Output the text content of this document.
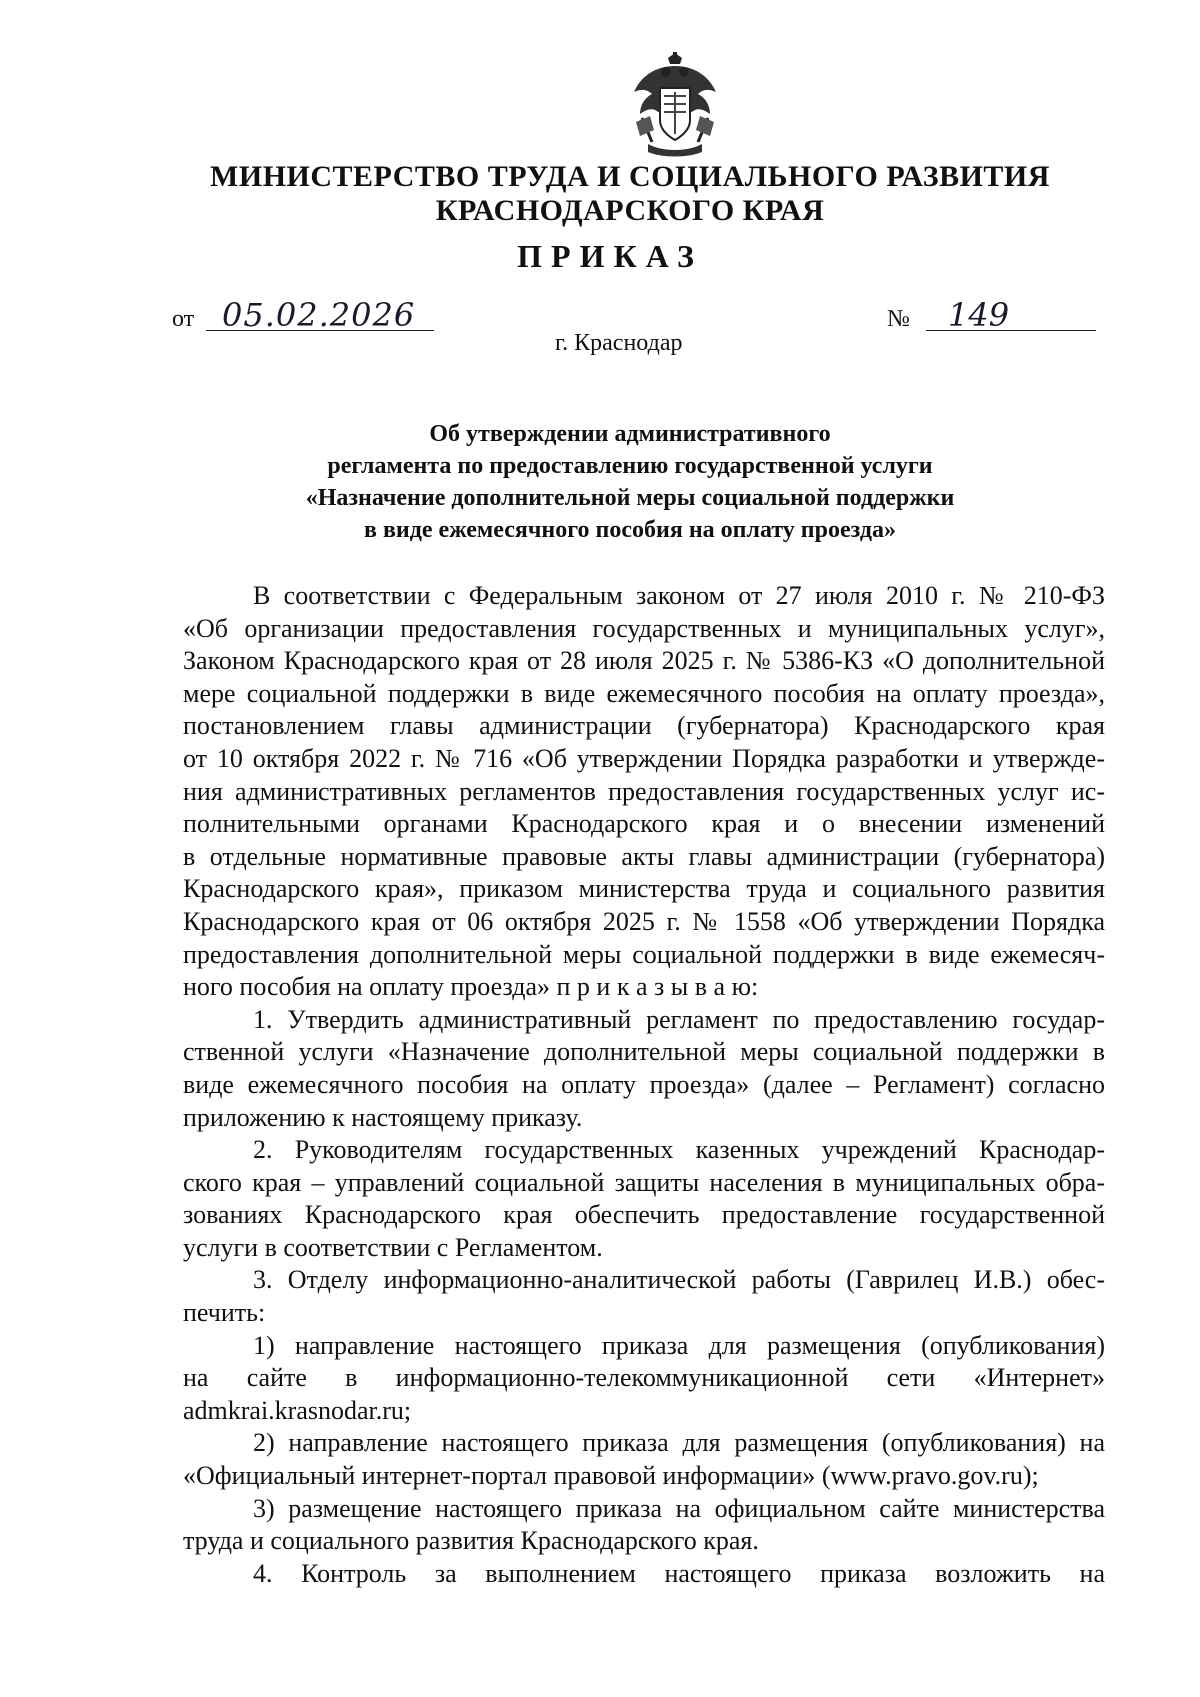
МИНИСТЕРСТВО ТРУДА И СОЦИАЛЬНОГО РАЗВИТИЯ
КРАСНОДАРСКОГО КРАЯ
ПРИКАЗ
от 05.02.2026	№ 149
г. Краснодар
Об утверждении административного
регламента по предоставлению государственной услуги
«Назначение дополнительной меры социальной поддержки
в виде ежемесячного пособия на оплату проезда»
В соответствии с Федеральным законом от 27 июля 2010 г. № 210-ФЗ
«Об организации предоставления государственных и муниципальных услуг»,
Законом Краснодарского края от 28 июля 2025 г. № 5386-КЗ «О дополнительной
мере социальной поддержки в виде ежемесячного пособия на оплату проезда»,
постановлением главы администрации (губернатора) Краснодарского края
от 10 октября 2022 г. № 716 «Об утверждении Порядка разработки и утвержде-
ния административных регламентов предоставления государственных услуг ис-
полнительными органами Краснодарского края и о внесении изменений
в отдельные нормативные правовые акты главы администрации (губернатора)
Краснодарского края», приказом министерства труда и социального развития
Краснодарского края от 06 октября 2025 г. № 1558 «Об утверждении Порядка
предоставления дополнительной меры социальной поддержки в виде ежемесяч-
ного пособия на оплату проезда» п р и к а з ы в а ю:
1. Утвердить административный регламент по предоставлению государ-
ственной услуги «Назначение дополнительной меры социальной поддержки в
виде ежемесячного пособия на оплату проезда» (далее – Регламент) согласно
приложению к настоящему приказу.
2. Руководителям государственных казенных учреждений Краснодар-
ского края – управлений социальной защиты населения в муниципальных обра-
зованиях Краснодарского края обеспечить предоставление государственной
услуги в соответствии с Регламентом.
3. Отделу информационно-аналитической работы (Гаврилец И.В.) обес-
печить:
1) направление настоящего приказа для размещения (опубликования)
на сайте в информационно-телекоммуникационной сети «Интернет»
admkrai.krasnodar.ru;
2) направление настоящего приказа для размещения (опубликования) на
«Официальный интернет-портал правовой информации» (www.pravo.gov.ru);
3) размещение настоящего приказа на официальном сайте министерства
труда и социального развития Краснодарского края.
4. Контроль за выполнением настоящего приказа возложить на
